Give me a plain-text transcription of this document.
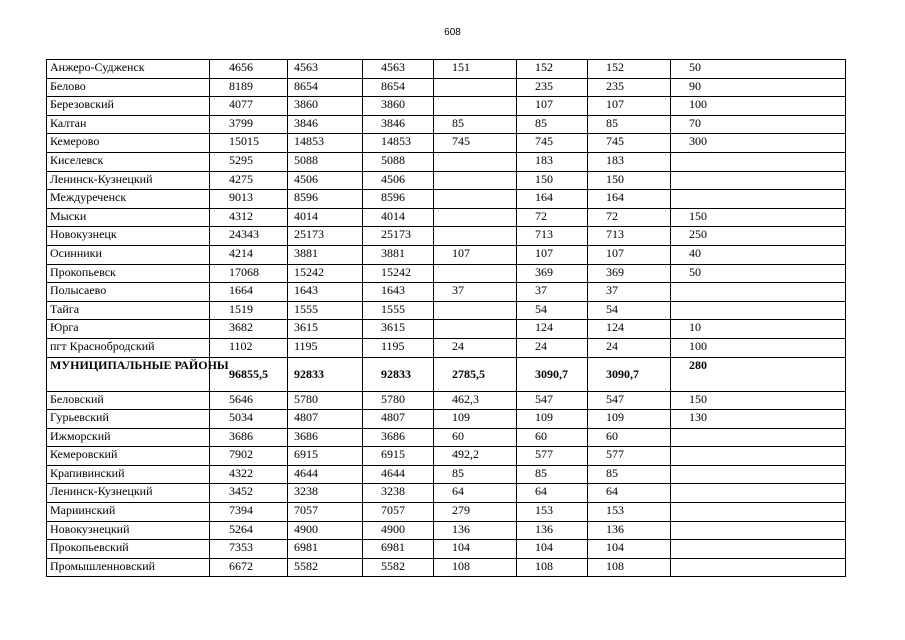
608
Анжеро-Судженск	4656	4563	4563	151	152	152	50
Белово	8189	8654	8654		235	235	90
Березовский	4077	3860	3860		107	107	100
Калтан	3799	3846	3846	85	85	85	70
Кемерово	15015	14853	14853	745	745	745	300
Киселевск	5295	5088	5088		183	183	
Ленинск-Кузнецкий	4275	4506	4506		150	150	
Междуреченск	9013	8596	8596		164	164	
Мыски	4312	4014	4014		72	72	150
Новокузнецк	24343	25173	25173		713	713	250
Осинники	4214	3881	3881	107	107	107	40
Прокопьевск	17068	15242	15242		369	369	50
Полысаево	1664	1643	1643	37	37	37	
Тайга	1519	1555	1555		54	54	
Юрга	3682	3615	3615		124	124	10
пгт Краснобродский	1102	1195	1195	24	24	24	100
МУНИЦИПАЛЬНЫЕ РАЙОНЫ	96855,5	92833	92833	2785,5	3090,7	3090,7	280
Беловский	5646	5780	5780	462,3	547	547	150
Гурьевский	5034	4807	4807	109	109	109	130
Ижморский	3686	3686	3686	60	60	60	
Кемеровский	7902	6915	6915	492,2	577	577	
Крапивинский	4322	4644	4644	85	85	85	
Ленинск-Кузнецкий	3452	3238	3238	64	64	64	
Мариинский	7394	7057	7057	279	153	153	
Новокузнецкий	5264	4900	4900	136	136	136	
Прокопьевский	7353	6981	6981	104	104	104	
Промышленновский	6672	5582	5582	108	108	108	
